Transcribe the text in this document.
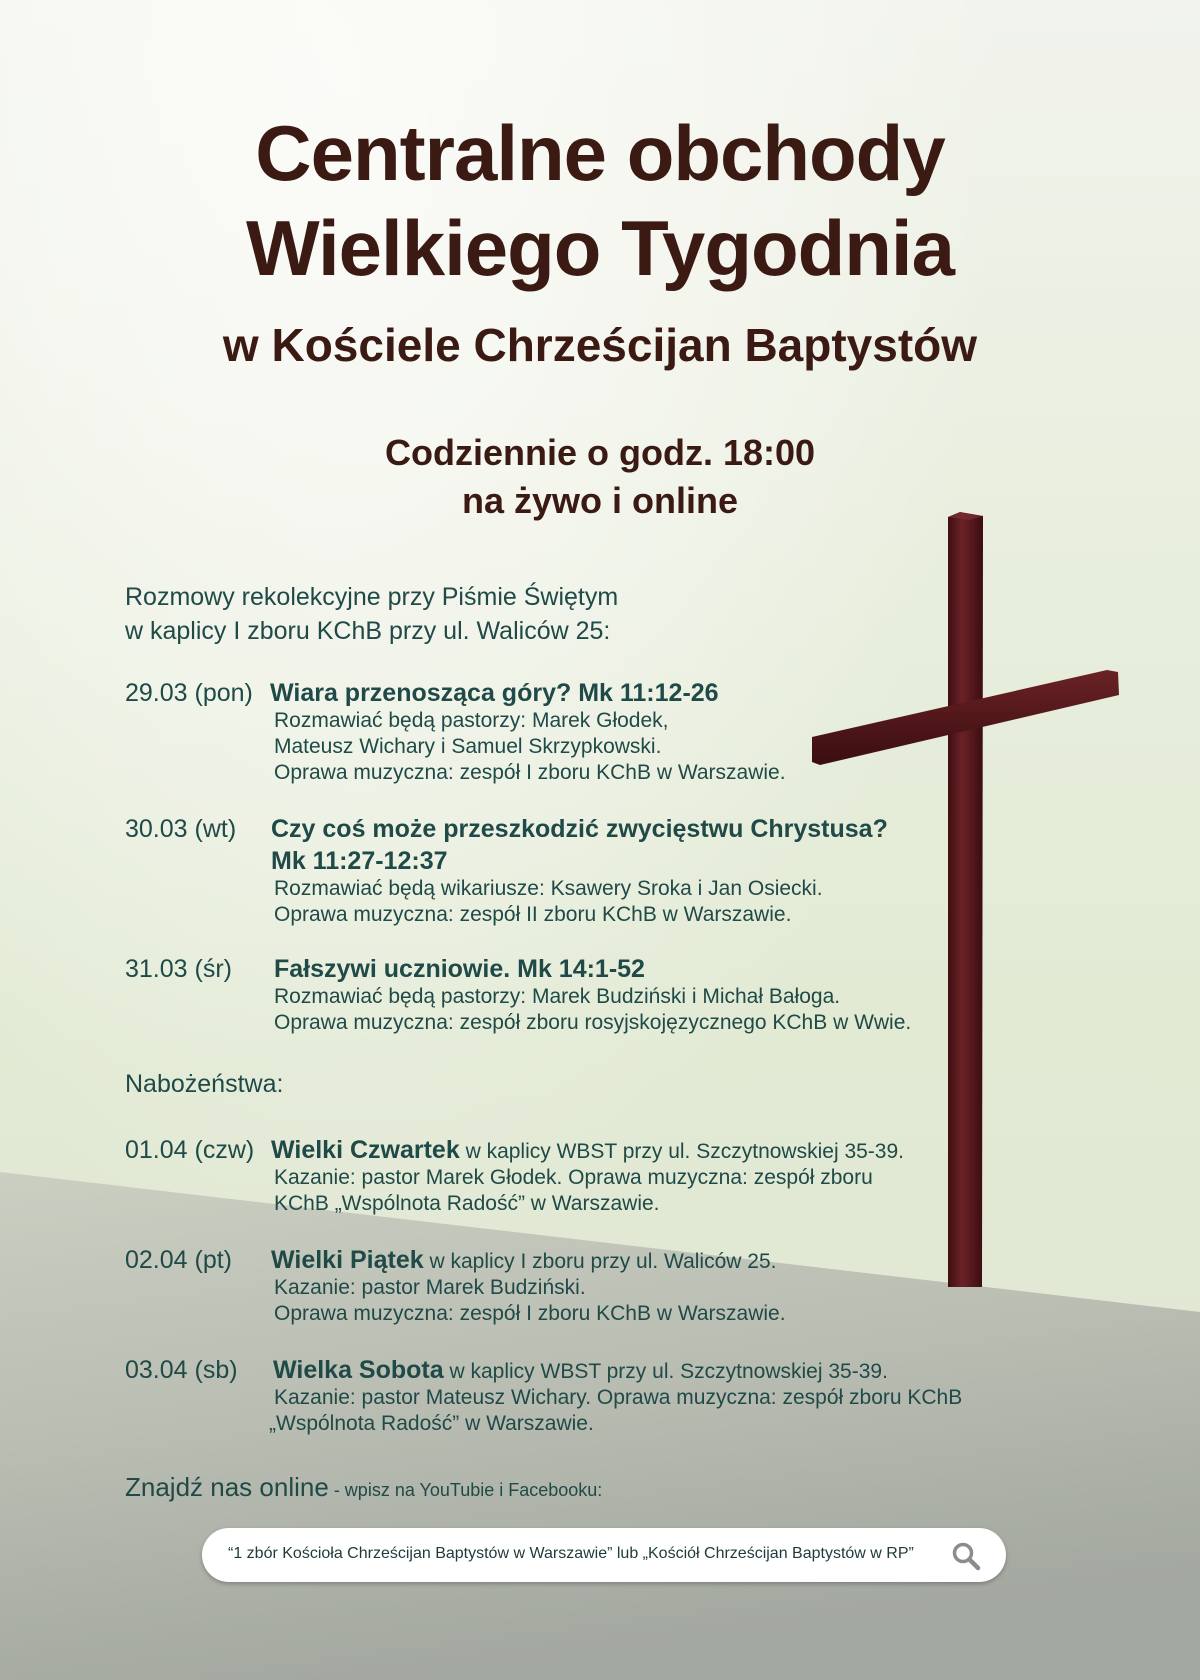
Centralne obchody
Wielkiego Tygodnia
w Kościele Chrześcijan Baptystów
Codziennie o godz. 18:00
na żywo i online
Rozmowy rekolekcyjne przy Piśmie Świętym
w kaplicy I zboru KChB przy ul. Waliców 25:
29.03 (pon) Wiara przenosząca góry? Mk 11:12-26
Rozmawiać będą pastorzy: Marek Głodek,
Mateusz Wichary i Samuel Skrzypkowski.
Oprawa muzyczna: zespół I zboru KChB w Warszawie.
30.03 (wt) Czy coś może przeszkodzić zwycięstwu Chrystusa?
Mk 11:27-12:37
Rozmawiać będą wikariusze: Ksawery Sroka i Jan Osiecki.
Oprawa muzyczna: zespół II zboru KChB w Warszawie.
31.03 (śr) Fałszywi uczniowie. Mk 14:1-52
Rozmawiać będą pastorzy: Marek Budziński i Michał Bałoga.
Oprawa muzyczna: zespół zboru rosyjskojęzycznego KChB w Wwie.
Nabożeństwa:
01.04 (czw) Wielki Czwartek w kaplicy WBST przy ul. Szczytnowskiej 35-39.
Kazanie: pastor Marek Głodek. Oprawa muzyczna: zespół zboru
KChB „Wspólnota Radość” w Warszawie.
02.04 (pt) Wielki Piątek w kaplicy I zboru przy ul. Waliców 25.
Kazanie: pastor Marek Budziński.
Oprawa muzyczna: zespół I zboru KChB w Warszawie.
03.04 (sb) Wielka Sobota w kaplicy WBST przy ul. Szczytnowskiej 35-39.
Kazanie: pastor Mateusz Wichary. Oprawa muzyczna: zespół zboru KChB
„Wspólnota Radość” w Warszawie.
Znajdź nas online - wpisz na YouTubie i Facebooku:
“1 zbór Kościoła Chrześcijan Baptystów w Warszawie” lub „Kościół Chrześcijan Baptystów w RP”
